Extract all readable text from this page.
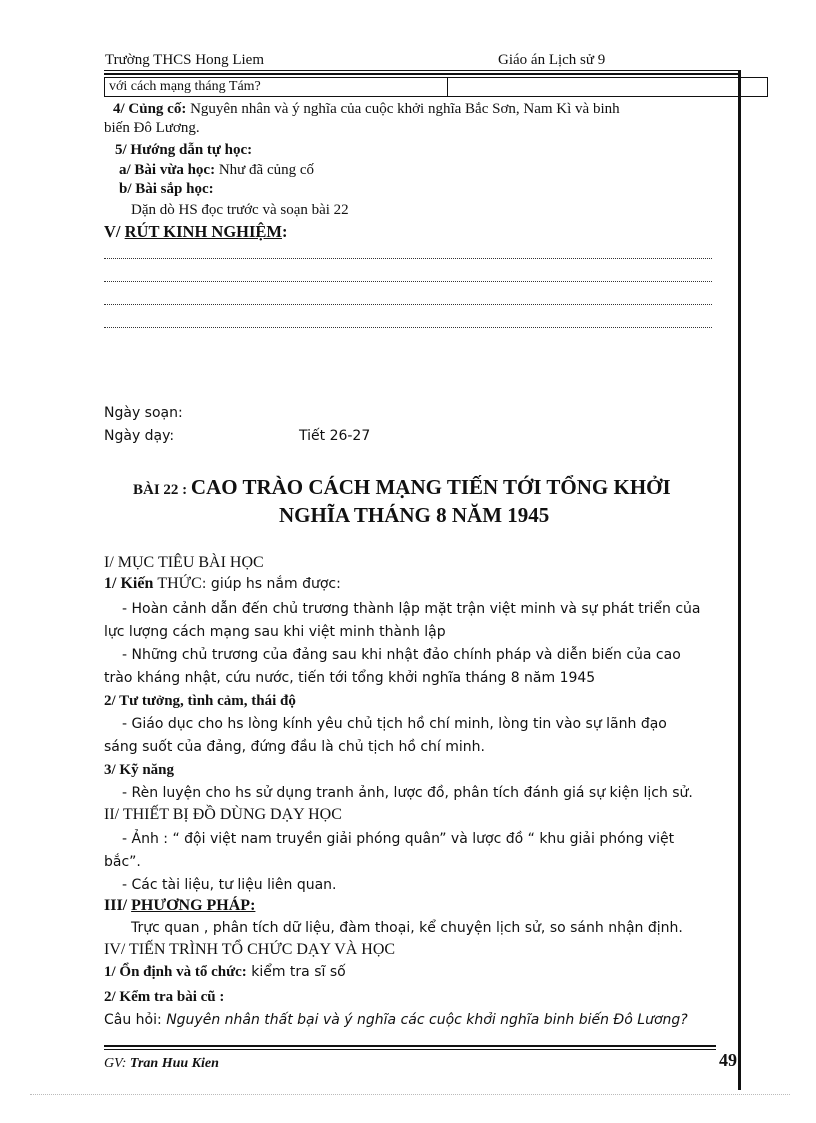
Trường THCS Hong Liem	Giáo án Lịch sử 9
với cách mạng tháng Tám?
4/ Củng cố: Nguyên nhân và ý nghĩa của cuộc khởi nghĩa Bắc Sơn, Nam Kì và binh
biến Đô Lương.
5/ Hướng dẫn tự học:
a/ Bài vừa học: Như đã củng cố
b/ Bài sắp học:
Dặn dò HS đọc trước và soạn bài 22
V/ RÚT KINH NGHIỆM:
Ngày soạn:
Ngày dạy:	Tiết 26-27
BÀI 22 : CAO TRÀO CÁCH MẠNG TIẾN TỚI TỔNG KHỞI
NGHĨA THÁNG 8 NĂM 1945
I/ MỤC TIÊU BÀI HỌC
1/ Kiến THỨC: giúp hs nắm được:
- Hoàn cảnh dẫn đến chủ trương thành lập mặt trận việt minh và sự phát triển của
lực lượng cách mạng sau khi việt minh thành lập
- Những chủ trương của đảng sau khi nhật đảo chính pháp và diễn biến của cao
trào kháng nhật, cứu nước, tiến tới tổng khởi nghĩa tháng 8 năm 1945
2/ Tư tưởng, tình cảm, thái độ
- Giáo dục cho hs lòng kính yêu chủ tịch hồ chí minh, lòng tin vào sự lãnh đạo
sáng suốt của đảng, đứng đầu là chủ tịch hồ chí minh.
3/ Kỹ năng
- Rèn luyện cho hs sử dụng tranh ảnh, lược đồ, phân tích đánh giá sự kiện lịch sử.
II/ THIẾT BỊ ĐỒ DÙNG DẠY HỌC
- Ảnh : “ đội việt nam truyền giải phóng quân” và lược đồ “ khu giải phóng việt
bắc”.
- Các tài liệu, tư liệu liên quan.
III/ PHƯƠNG PHÁP:
Trực quan , phân tích dữ liệu, đàm thoại, kể chuyện lịch sử, so sánh nhận định.
IV/ TIẾN TRÌNH TỔ CHỨC DẠY VÀ HỌC
1/ Ổn định và tổ chức: kiểm tra sĩ số
2/ Kểm tra bài cũ :
Câu hỏi: Nguyên nhân thất bại và ý nghĩa các cuộc khởi nghĩa binh biến Đô Lương?
49
GV: Tran Huu Kien
